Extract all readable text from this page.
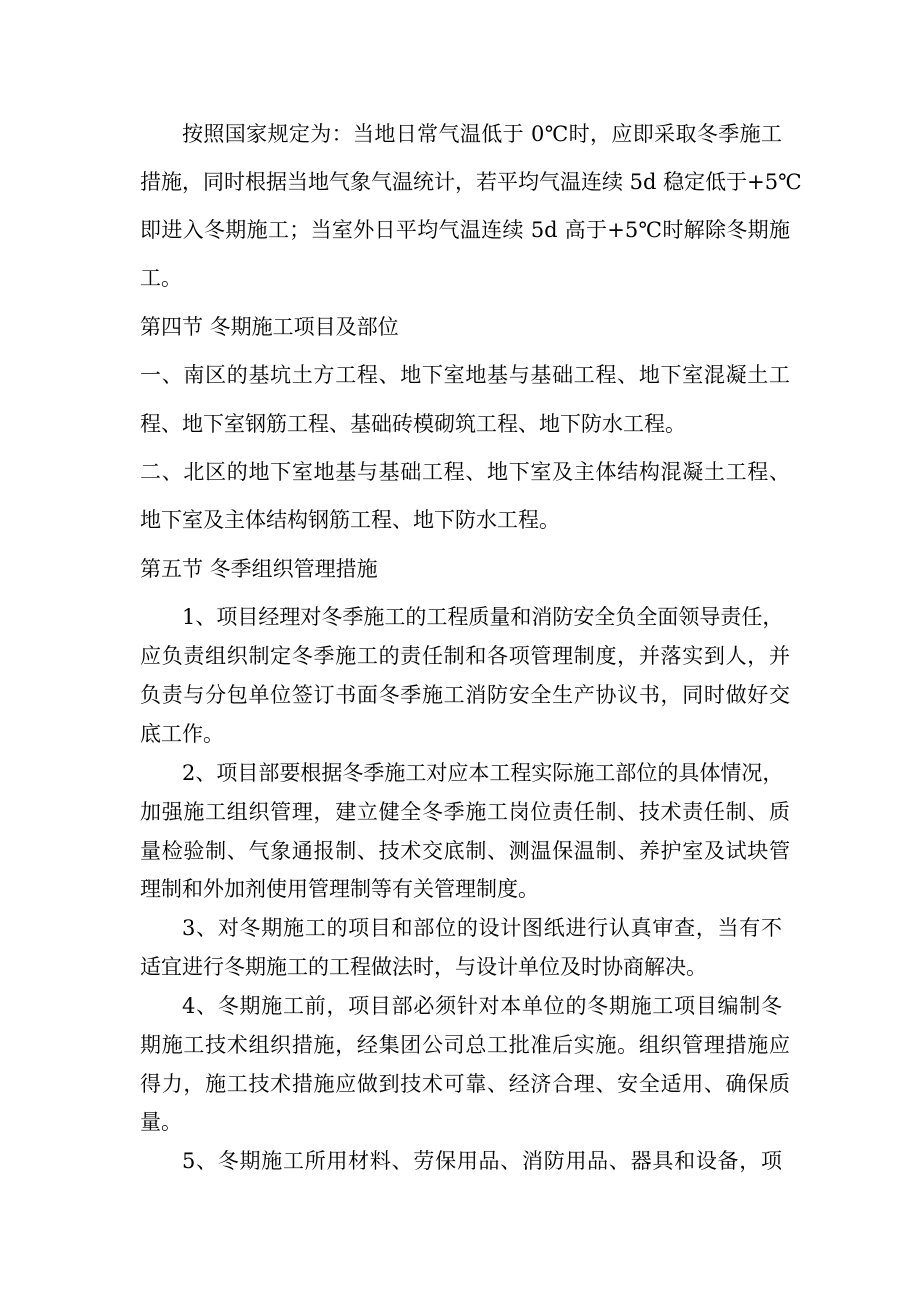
按照国家规定为：当地日常气温低于 0℃时，应即采取冬季施工
措施，同时根据当地气象气温统计，若平均气温连续 5d 稳定低于+5℃
即进入冬期施工；当室外日平均气温连续 5d 高于+5℃时解除冬期施
工。
第四节 冬期施工项目及部位
一、南区的基坑土方工程、地下室地基与基础工程、地下室混凝土工
程、地下室钢筋工程、基础砖模砌筑工程、地下防水工程。
二、北区的地下室地基与基础工程、地下室及主体结构混凝土工程、
地下室及主体结构钢筋工程、地下防水工程。
第五节 冬季组织管理措施
1、项目经理对冬季施工的工程质量和消防安全负全面领导责任，
应负责组织制定冬季施工的责任制和各项管理制度，并落实到人，并
负责与分包单位签订书面冬季施工消防安全生产协议书，同时做好交
底工作。
2、项目部要根据冬季施工对应本工程实际施工部位的具体情况，
加强施工组织管理，建立健全冬季施工岗位责任制、技术责任制、质
量检验制、气象通报制、技术交底制、测温保温制、养护室及试块管
理制和外加剂使用管理制等有关管理制度。
3、对冬期施工的项目和部位的设计图纸进行认真审查，当有不
适宜进行冬期施工的工程做法时，与设计单位及时协商解决。
4、冬期施工前，项目部必须针对本单位的冬期施工项目编制冬
期施工技术组织措施，经集团公司总工批准后实施。组织管理措施应
得力，施工技术措施应做到技术可靠、经济合理、安全适用、确保质
量。
5、冬期施工所用材料、劳保用品、消防用品、器具和设备，项
